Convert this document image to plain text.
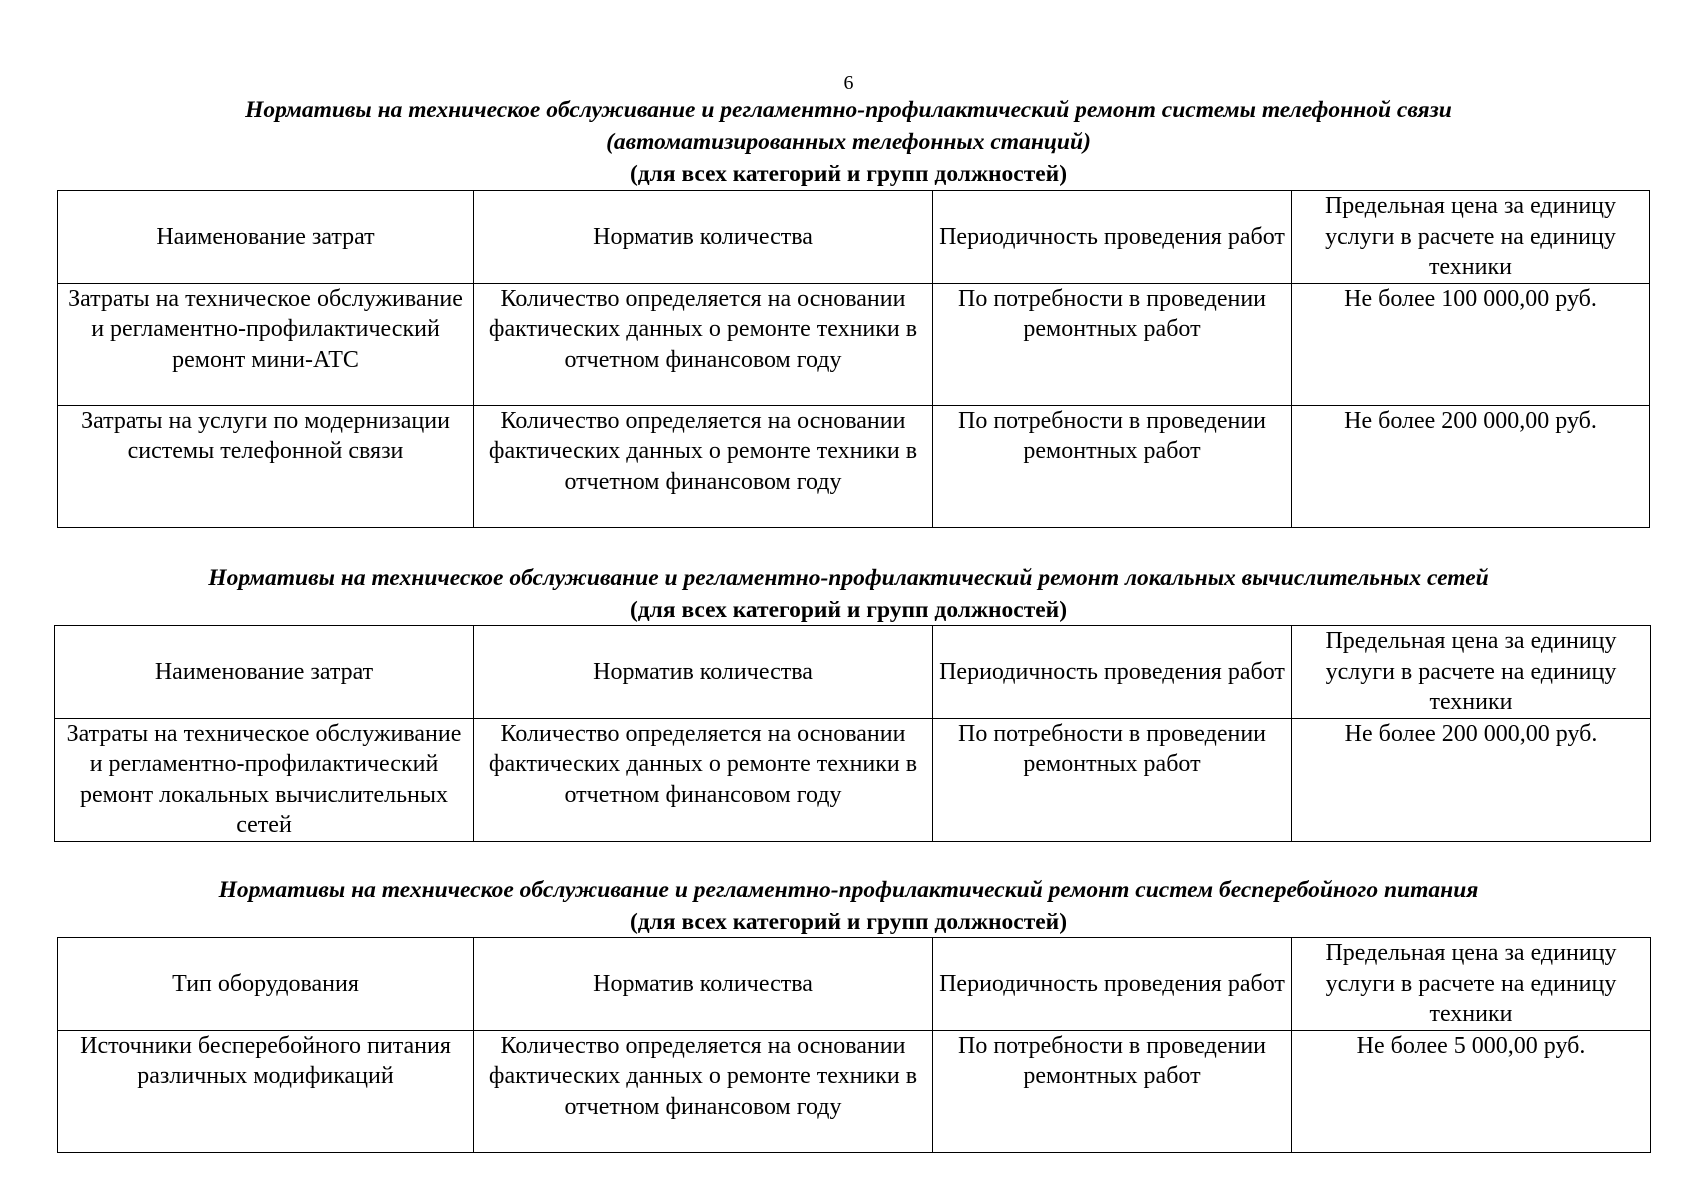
6
Нормативы на техническое обслуживание и регламентно-профилактический ремонт системы телефонной связи
(автоматизированных телефонных станций)
(для всех категорий и групп должностей)
Наименование затрат	Норматив количества	Периодичность проведения работ	Предельная цена за единицу услуги в расчете на единицу техники
Затраты на техническое обслуживание и регламентно-профилактический ремонт мини-АТС	Количество определяется на основании фактических данных о ремонте техники в отчетном финансовом году	По потребности в проведении ремонтных работ	Не более 100 000,00 руб.
Затраты на услуги по модернизации системы телефонной связи	Количество определяется на основании фактических данных о ремонте техники в отчетном финансовом году	По потребности в проведении ремонтных работ	Не более 200 000,00 руб.
Нормативы на техническое обслуживание и регламентно-профилактический ремонт локальных вычислительных сетей
(для всех категорий и групп должностей)
Наименование затрат	Норматив количества	Периодичность проведения работ	Предельная цена за единицу услуги в расчете на единицу техники
Затраты на техническое обслуживание и регламентно-профилактический ремонт локальных вычислительных сетей	Количество определяется на основании фактических данных о ремонте техники в отчетном финансовом году	По потребности в проведении ремонтных работ	Не более 200 000,00 руб.
Нормативы на техническое обслуживание и регламентно-профилактический ремонт систем бесперебойного питания
(для всех категорий и групп должностей)
Тип оборудования	Норматив количества	Периодичность проведения работ	Предельная цена за единицу услуги в расчете на единицу техники
Источники бесперебойного питания различных модификаций	Количество определяется на основании фактических данных о ремонте техники в отчетном финансовом году	По потребности в проведении ремонтных работ	Не более 5 000,00 руб.
